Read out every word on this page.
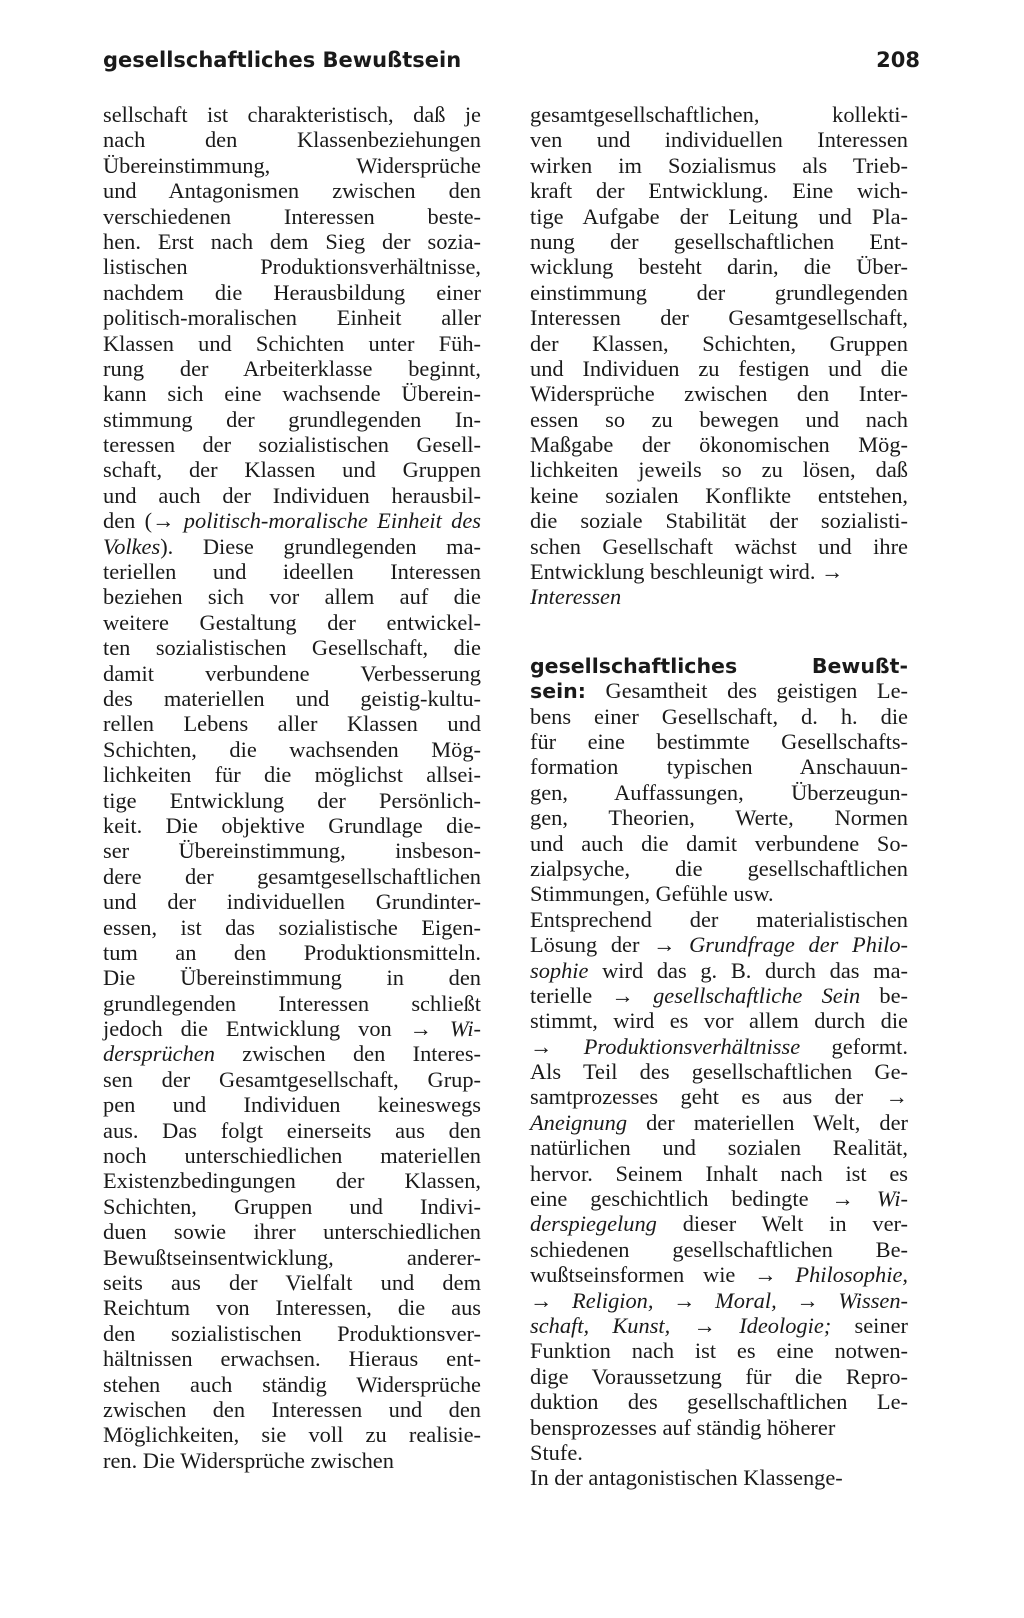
gesellschaftliches Bewußtsein	208
sellschaft ist charakteristisch, daß je
nach den Klassenbeziehungen
Übereinstimmung, Widersprüche
und Antagonismen zwischen den
verschiedenen Interessen beste-
hen. Erst nach dem Sieg der sozia-
listischen Produktionsverhältnisse,
nachdem die Herausbildung einer
politisch-moralischen Einheit aller
Klassen und Schichten unter Füh-
rung der Arbeiterklasse beginnt,
kann sich eine wachsende Überein-
stimmung der grundlegenden In-
teressen der sozialistischen Gesell-
schaft, der Klassen und Gruppen
und auch der Individuen herausbil-
den (→ politisch-moralische Einheit des
Volkes). Diese grundlegenden ma-
teriellen und ideellen Interessen
beziehen sich vor allem auf die
weitere Gestaltung der entwickel-
ten sozialistischen Gesellschaft, die
damit verbundene Verbesserung
des materiellen und geistig-kultu-
rellen Lebens aller Klassen und
Schichten, die wachsenden Mög-
lichkeiten für die möglichst allsei-
tige Entwicklung der Persönlich-
keit. Die objektive Grundlage die-
ser Übereinstimmung, insbeson-
dere der gesamtgesellschaftlichen
und der individuellen Grundinter-
essen, ist das sozialistische Eigen-
tum an den Produktionsmitteln.
Die Übereinstimmung in den
grundlegenden Interessen schließt
jedoch die Entwicklung von → Wi-
dersprüchen zwischen den Interes-
sen der Gesamtgesellschaft, Grup-
pen und Individuen keineswegs
aus. Das folgt einerseits aus den
noch unterschiedlichen materiellen
Existenzbedingungen der Klassen,
Schichten, Gruppen und Indivi-
duen sowie ihrer unterschiedlichen
Bewußtseinsentwicklung, anderer-
seits aus der Vielfalt und dem
Reichtum von Interessen, die aus
den sozialistischen Produktionsver-
hältnissen erwachsen. Hieraus ent-
stehen auch ständig Widersprüche
zwischen den Interessen und den
Möglichkeiten, sie voll zu realisie-
ren. Die Widersprüche zwischen
gesamtgesellschaftlichen, kollekti-
ven und individuellen Interessen
wirken im Sozialismus als Trieb-
kraft der Entwicklung. Eine wich-
tige Aufgabe der Leitung und Pla-
nung der gesellschaftlichen Ent-
wicklung besteht darin, die Über-
einstimmung der grundlegenden
Interessen der Gesamtgesellschaft,
der Klassen, Schichten, Gruppen
und Individuen zu festigen und die
Widersprüche zwischen den Inter-
essen so zu bewegen und nach
Maßgabe der ökonomischen Mög-
lichkeiten jeweils so zu lösen, daß
keine sozialen Konflikte entstehen,
die soziale Stabilität der sozialisti-
schen Gesellschaft wächst und ihre
Entwicklung beschleunigt wird. →
Interessen
gesellschaftliches Bewußt-
sein: Gesamtheit des geistigen Le-
bens einer Gesellschaft, d. h. die
für eine bestimmte Gesellschafts-
formation typischen Anschauun-
gen, Auffassungen, Überzeugun-
gen, Theorien, Werte, Normen
und auch die damit verbundene So-
zialpsyche, die gesellschaftlichen
Stimmungen, Gefühle usw.
Entsprechend der materialistischen
Lösung der → Grundfrage der Philo-
sophie wird das g. B. durch das ma-
terielle → gesellschaftliche Sein be-
stimmt, wird es vor allem durch die
→ Produktionsverhältnisse geformt.
Als Teil des gesellschaftlichen Ge-
samtprozesses geht es aus der →
Aneignung der materiellen Welt, der
natürlichen und sozialen Realität,
hervor. Seinem Inhalt nach ist es
eine geschichtlich bedingte → Wi-
derspiegelung dieser Welt in ver-
schiedenen gesellschaftlichen Be-
wußtseinsformen wie → Philosophie,
→ Religion, → Moral, → Wissen-
schaft, Kunst, → Ideologie; seiner
Funktion nach ist es eine notwen-
dige Voraussetzung für die Repro-
duktion des gesellschaftlichen Le-
bensprozesses auf ständig höherer
Stufe.
In der antagonistischen Klassenge-
